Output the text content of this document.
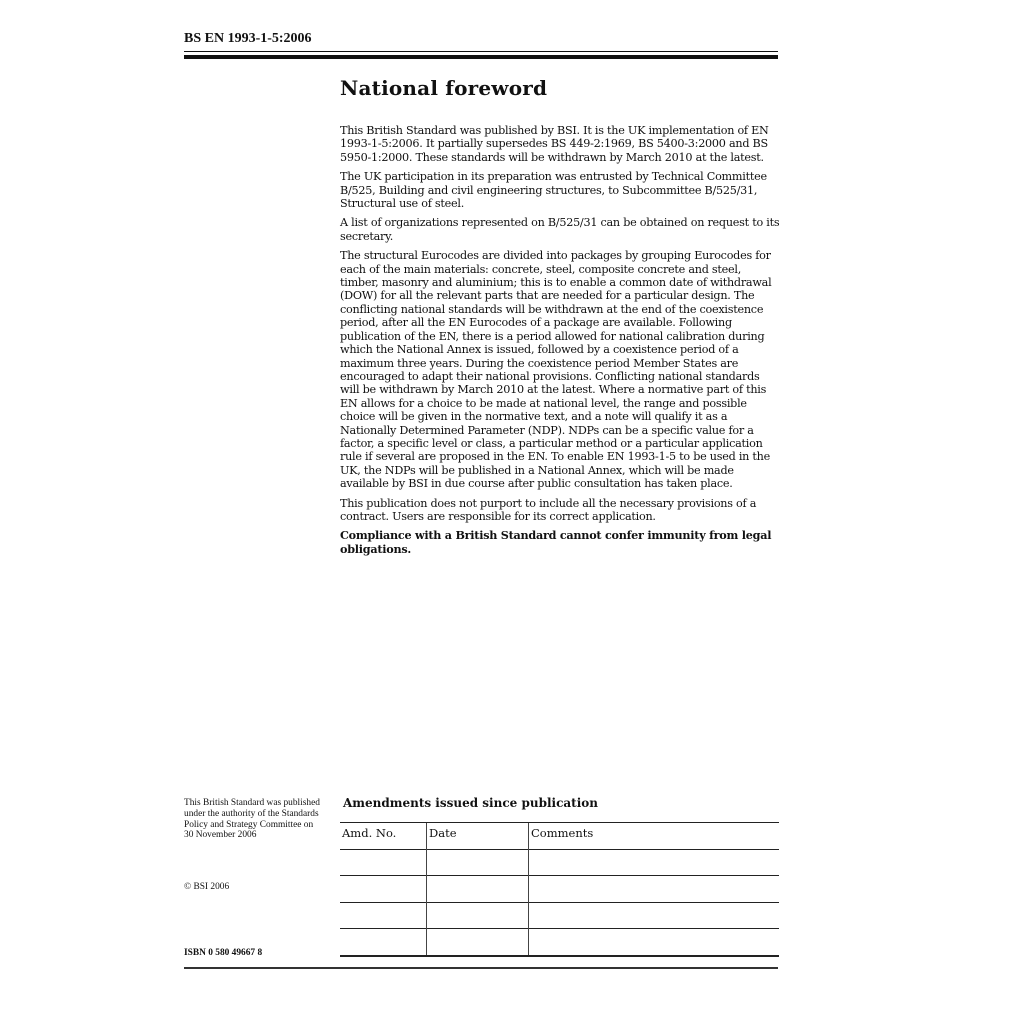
BS EN 1993-1-5:2006
National foreword

This British Standard was published by BSI. It is the UK implementation of EN 1993-1-5:2006. It partially supersedes BS 449-2:1969, BS 5400-3:2000 and BS 5950-1:2000. These standards will be withdrawn by March 2010 at the latest.

The UK participation in its preparation was entrusted by Technical Committee B/525, Building and civil engineering structures, to Subcommittee B/525/31, Structural use of steel.

A list of organizations represented on B/525/31 can be obtained on request to its secretary.

The structural Eurocodes are divided into packages by grouping Eurocodes for each of the main materials: concrete, steel, composite concrete and steel, timber, masonry and aluminium; this is to enable a common date of withdrawal (DOW) for all the relevant parts that are needed for a particular design. The conflicting national standards will be withdrawn at the end of the coexistence period, after all the EN Eurocodes of a package are available. Following publication of the EN, there is a period allowed for national calibration during which the National Annex is issued, followed by a coexistence period of a maximum three years. During the coexistence period Member States are encouraged to adapt their national provisions. Conflicting national standards will be withdrawn by March 2010 at the latest. Where a normative part of this EN allows for a choice to be made at national level, the range and possible choice will be given in the normative text, and a note will qualify it as a Nationally Determined Parameter (NDP). NDPs can be a specific value for a factor, a specific level or class, a particular method or a particular application rule if several are proposed in the EN. To enable EN 1993-1-5 to be used in the UK, the NDPs will be published in a National Annex, which will be made available by BSI in due course after public consultation has taken place.

This publication does not purport to include all the necessary provisions of a contract. Users are responsible for its correct application.

Compliance with a British Standard cannot confer immunity from legal obligations.

This British Standard was published under the authority of the Standards Policy and Strategy Committee on 30 November 2006
© BSI 2006
ISBN 0 580 49667 8
Amendments issued since publication
Amd. No.	Date	Comments
